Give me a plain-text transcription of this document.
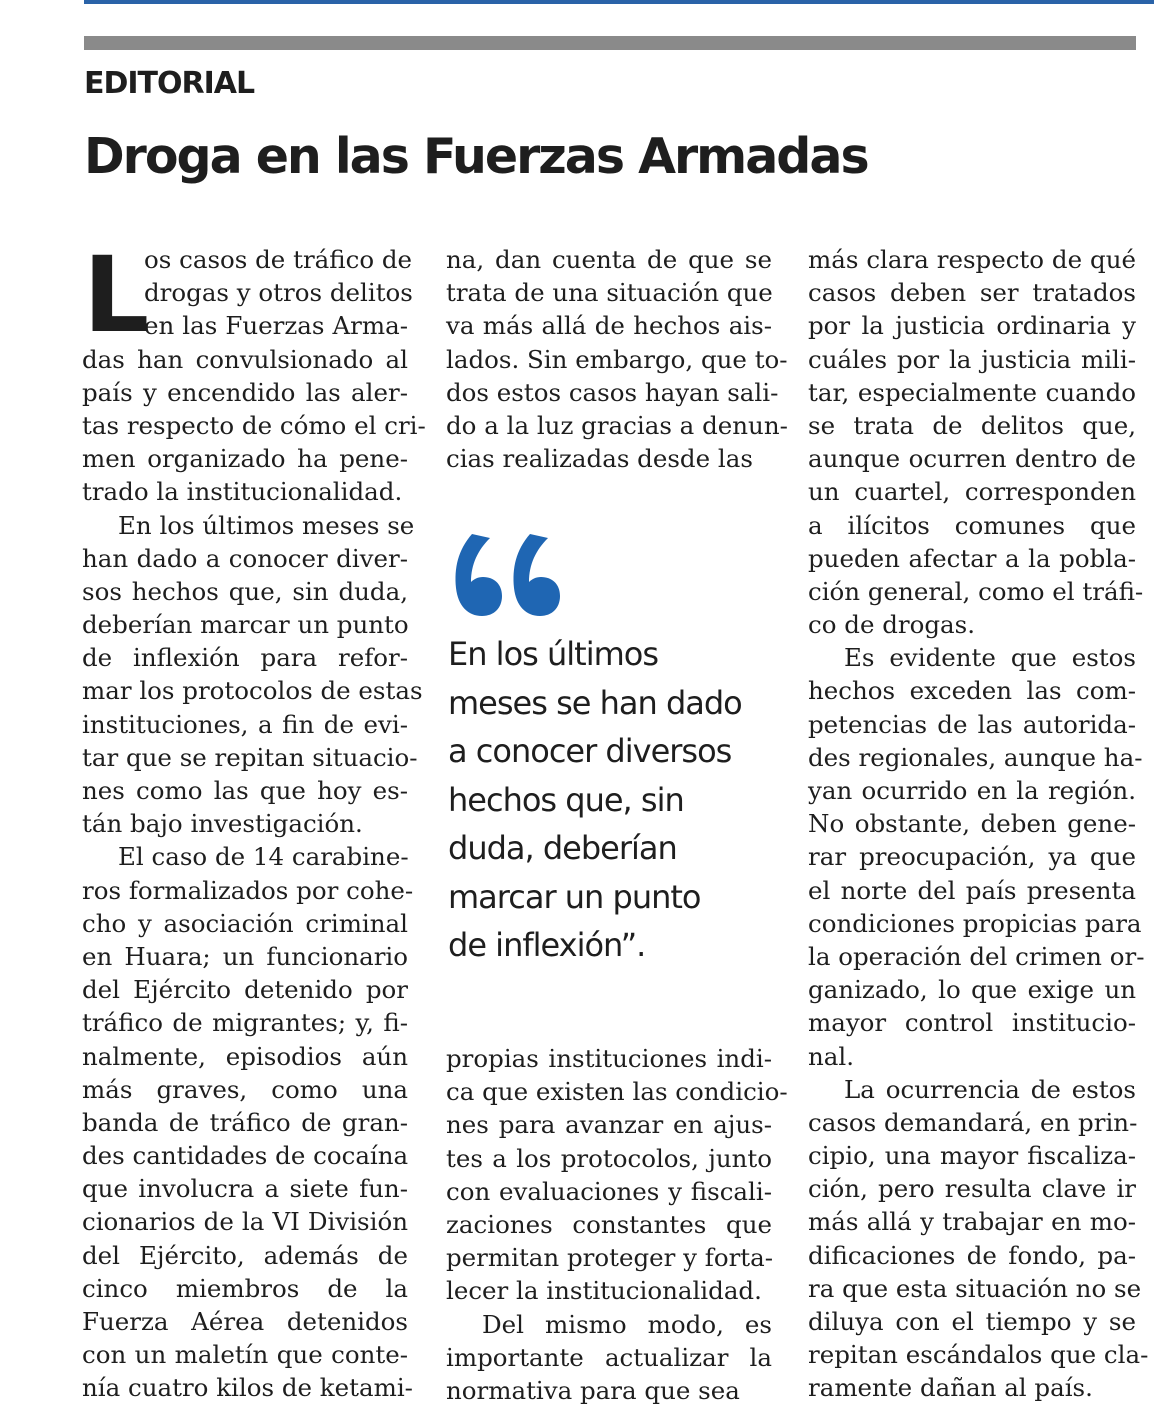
EDITORIAL
Droga en las Fuerzas Armadas
L
os casos de tráfico de
drogas y otros delitos
en las Fuerzas Arma-
das han convulsionado al
país y encendido las aler-
tas respecto de cómo el cri-
men organizado ha pene-
trado la institucionalidad.
En los últimos meses se
han dado a conocer diver-
sos hechos que, sin duda,
deberían marcar un punto
de inflexión para refor-
mar los protocolos de estas
instituciones, a fin de evi-
tar que se repitan situacio-
nes como las que hoy es-
tán bajo investigación.
El caso de 14 carabine-
ros formalizados por cohe-
cho y asociación criminal
en Huara; un funcionario
del Ejército detenido por
tráfico de migrantes; y, fi-
nalmente, episodios aún
más graves, como una
banda de tráfico de gran-
des cantidades de cocaína
que involucra a siete fun-
cionarios de la VI División
del Ejército, además de
cinco miembros de la
Fuerza Aérea detenidos
con un maletín que conte-
nía cuatro kilos de ketami-
na, dan cuenta de que se
trata de una situación que
va más allá de hechos ais-
lados. Sin embargo, que to-
dos estos casos hayan sali-
do a la luz gracias a denun-
cias realizadas desde las
En los últimos
meses se han dado
a conocer diversos
hechos que, sin
duda, deberían
marcar un punto
de inflexión”.
propias instituciones indi-
ca que existen las condicio-
nes para avanzar en ajus-
tes a los protocolos, junto
con evaluaciones y fiscali-
zaciones constantes que
permitan proteger y forta-
lecer la institucionalidad.
Del mismo modo, es
importante actualizar la
normativa para que sea
más clara respecto de qué
casos deben ser tratados
por la justicia ordinaria y
cuáles por la justicia mili-
tar, especialmente cuando
se trata de delitos que,
aunque ocurren dentro de
un cuartel, corresponden
a ilícitos comunes que
pueden afectar a la pobla-
ción general, como el tráfi-
co de drogas.
Es evidente que estos
hechos exceden las com-
petencias de las autorida-
des regionales, aunque ha-
yan ocurrido en la región.
No obstante, deben gene-
rar preocupación, ya que
el norte del país presenta
condiciones propicias para
la operación del crimen or-
ganizado, lo que exige un
mayor control institucio-
nal.
La ocurrencia de estos
casos demandará, en prin-
cipio, una mayor fiscaliza-
ción, pero resulta clave ir
más allá y trabajar en mo-
dificaciones de fondo, pa-
ra que esta situación no se
diluya con el tiempo y se
repitan escándalos que cla-
ramente dañan al país.
